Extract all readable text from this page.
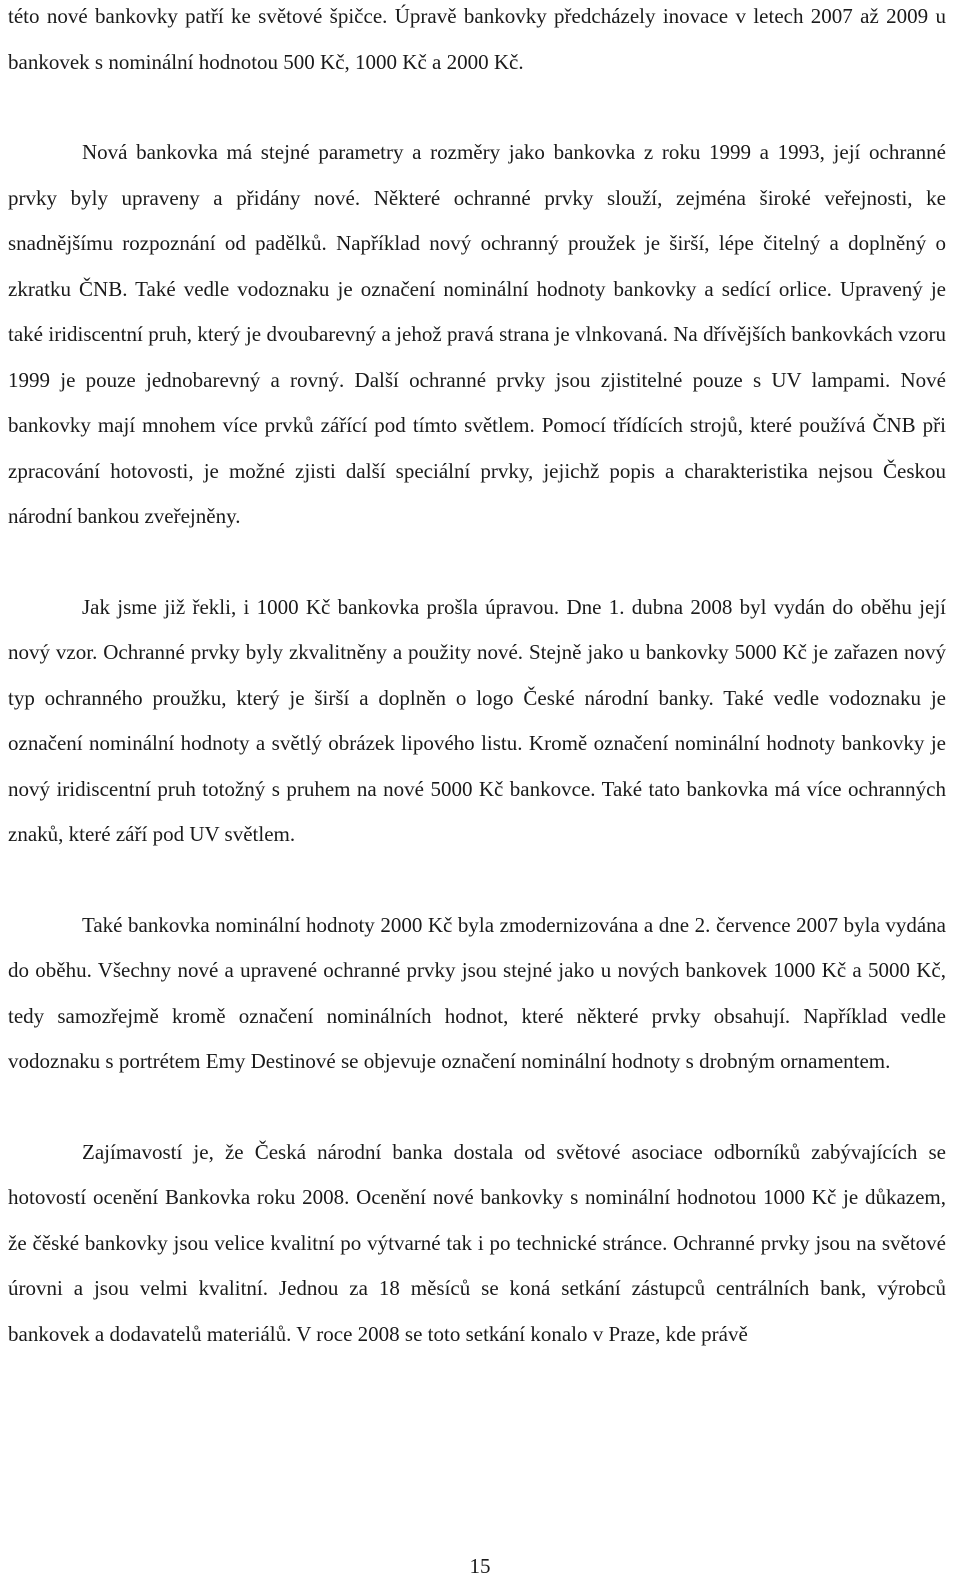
této nové bankovky patří ke světové špičce. Úpravě bankovky předcházely inovace v letech 2007 až 2009 u bankovek s nominální hodnotou 500 Kč, 1000 Kč a 2000 Kč.

Nová bankovka má stejné parametry a rozměry jako bankovka z roku 1999 a 1993, její ochranné prvky byly upraveny a přidány nové. Některé ochranné prvky slouží, zejména široké veřejnosti, ke snadnějšímu rozpoznání od padělků. Například nový ochranný proužek je širší, lépe čitelný a doplněný o zkratku ČNB. Také vedle vodoznaku je označení nominální hodnoty bankovky a sedící orlice. Upravený je také iridiscentní pruh, který je dvoubarevný a jehož pravá strana je vlnkovaná. Na dřívějších bankovkách vzoru 1999 je pouze jednobarevný a rovný. Další ochranné prvky jsou zjistitelné pouze s UV lampami. Nové bankovky mají mnohem více prvků zářící pod tímto světlem. Pomocí třídících strojů, které používá ČNB při zpracování hotovosti, je možné zjisti další speciální prvky, jejichž popis a charakteristika nejsou Českou národní bankou zveřejněny.

Jak jsme již řekli, i 1000 Kč bankovka prošla úpravou. Dne 1. dubna 2008 byl vydán do oběhu její nový vzor. Ochranné prvky byly zkvalitněny a použity nové. Stejně jako u bankovky 5000 Kč je zařazen nový typ ochranného proužku, který je širší a doplněn o logo České národní banky. Také vedle vodoznaku je označení nominální hodnoty a světlý obrázek lipového listu. Kromě označení nominální hodnoty bankovky je nový iridiscentní pruh totožný s pruhem na nové 5000 Kč bankovce. Také tato bankovka má více ochranných znaků, které září pod UV světlem.

Také bankovka nominální hodnoty 2000 Kč byla zmodernizována a dne 2. července 2007 byla vydána do oběhu. Všechny nové a upravené ochranné prvky jsou stejné jako u nových bankovek 1000 Kč a 5000 Kč, tedy samozřejmě kromě označení nominálních hodnot, které některé prvky obsahují. Například vedle vodoznaku s portrétem Emy Destinové se objevuje označení nominální hodnoty s drobným ornamentem.

Zajímavostí je, že Česká národní banka dostala od světové asociace odborníků zabývajících se hotovostí ocenění Bankovka roku 2008. Ocenění nové bankovky s nominální hodnotou 1000 Kč je důkazem, že čěské bankovky jsou velice kvalitní po výtvarné tak i po technické stránce. Ochranné prvky jsou na světové úrovni a jsou velmi kvalitní. Jednou za 18 měsíců se koná setkání zástupců centrálních bank, výrobců bankovek a dodavatelů materiálů. V roce 2008 se toto setkání konalo v Praze, kde právě

15
